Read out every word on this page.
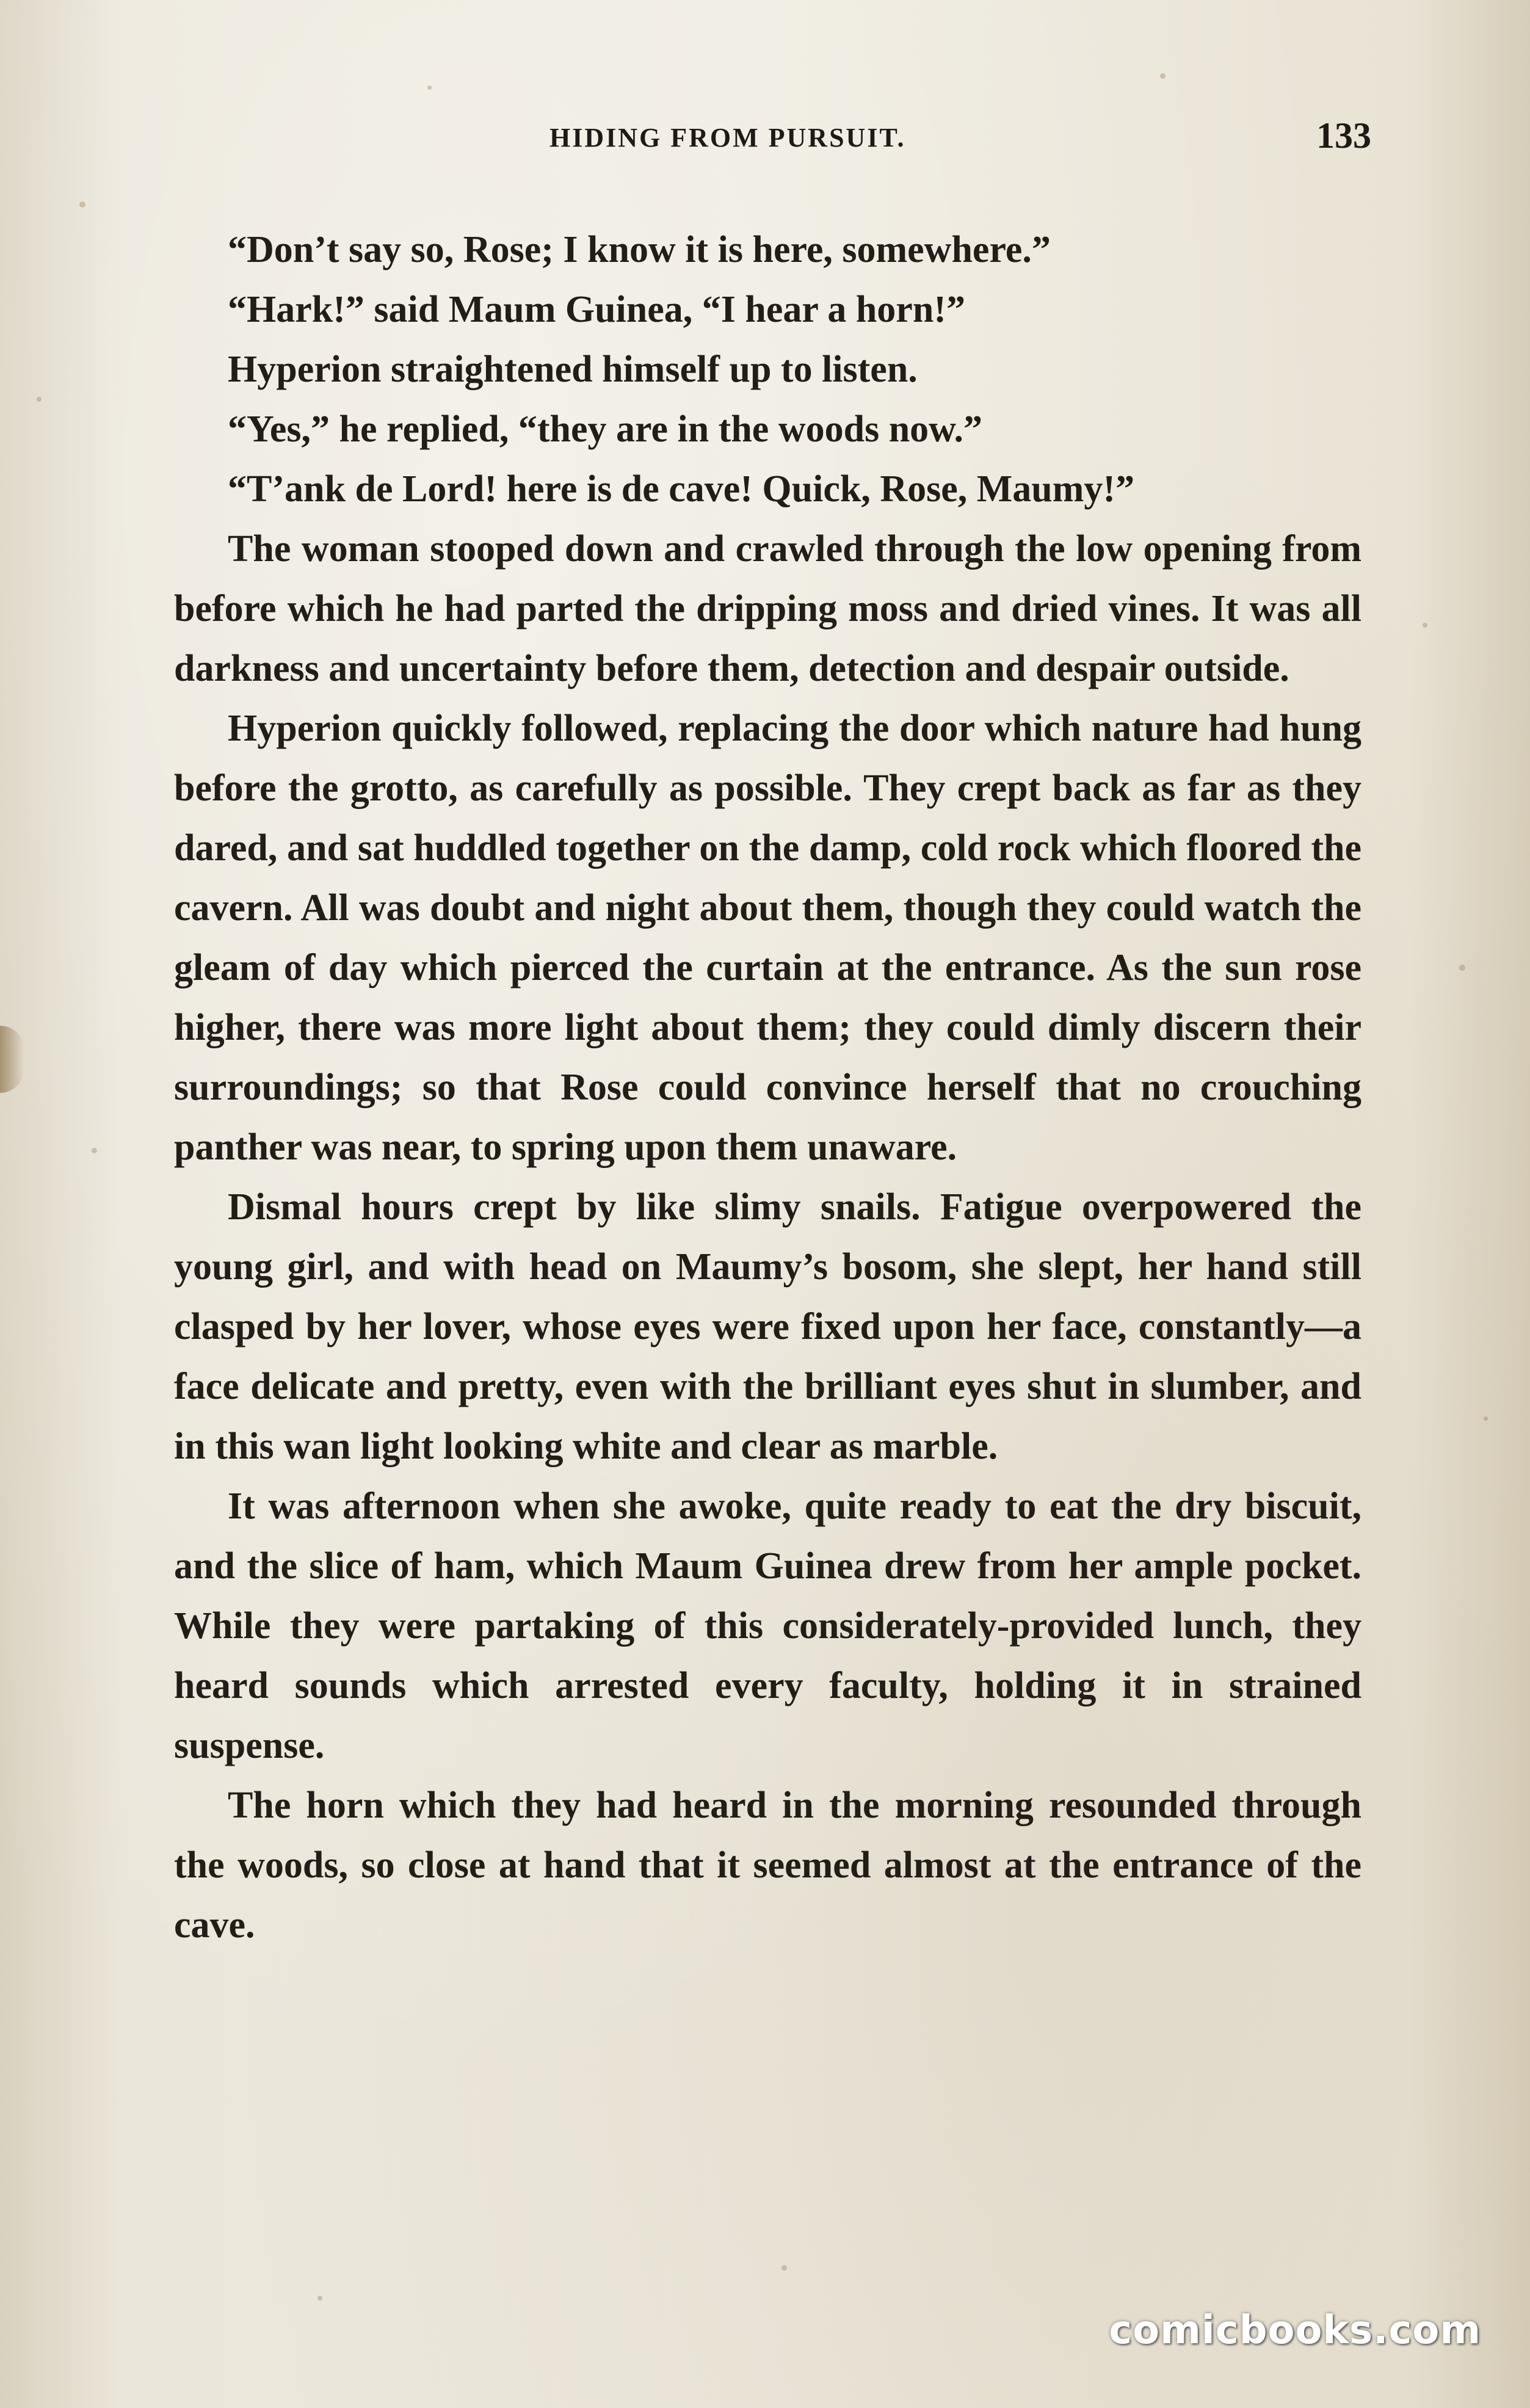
HIDING FROM PURSUIT.	133

“Don’t say so, Rose; I know it is here, somewhere.”

“Hark!” said Maum Guinea, “I hear a horn!”

Hyperion straightened himself up to listen.

“Yes,” he replied, “they are in the woods now.”

“T’ank de Lord! here is de cave! Quick, Rose, Maumy!”

The woman stooped down and crawled through the low opening from before which he had parted the dripping moss and dried vines. It was all darkness and uncertainty before them, detection and despair outside.

Hyperion quickly followed, replacing the door which nature had hung before the grotto, as carefully as possible. They crept back as far as they dared, and sat huddled together on the damp, cold rock which floored the cavern. All was doubt and night about them, though they could watch the gleam of day which pierced the curtain at the entrance. As the sun rose higher, there was more light about them; they could dimly discern their surroundings; so that Rose could convince herself that no crouching panther was near, to spring upon them unaware.

Dismal hours crept by like slimy snails. Fatigue overpowered the young girl, and with head on Maumy’s bosom, she slept, her hand still clasped by her lover, whose eyes were fixed upon her face, constantly—a face delicate and pretty, even with the brilliant eyes shut in slumber, and in this wan light looking white and clear as marble.

It was afternoon when she awoke, quite ready to eat the dry biscuit, and the slice of ham, which Maum Guinea drew from her ample pocket. While they were partaking of this considerately-provided lunch, they heard sounds which arrested every faculty, holding it in strained suspense.

The horn which they had heard in the morning resounded through the woods, so close at hand that it seemed almost at the entrance of the cave.

comicbooks.com
